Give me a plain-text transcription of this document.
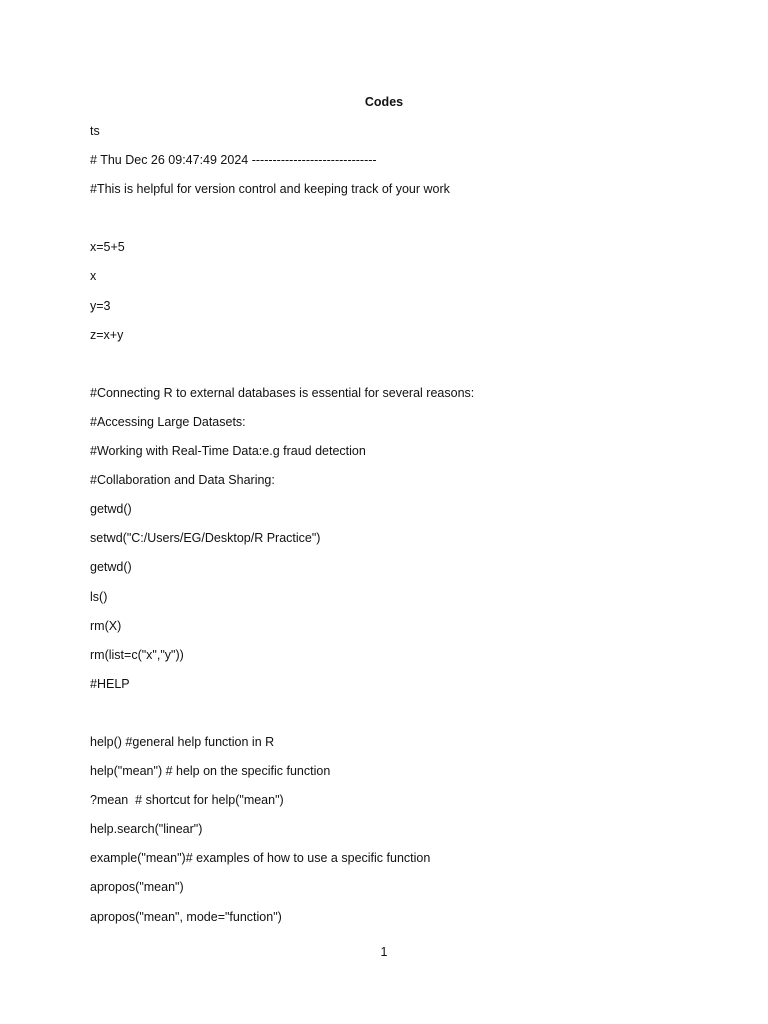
Codes
ts
# Thu Dec 26 09:47:49 2024 ------------------------------
#This is helpful for version control and keeping track of your work
x=5+5
x
y=3
z=x+y
#Connecting R to external databases is essential for several reasons:
#Accessing Large Datasets:
#Working with Real-Time Data:e.g fraud detection
#Collaboration and Data Sharing:
getwd()
setwd("C:/Users/EG/Desktop/R Practice")
getwd()
ls()
rm(X)
rm(list=c("x","y"))
#HELP
help() #general help function in R
help("mean") # help on the specific function
?mean  # shortcut for help("mean")
help.search("linear")
example("mean")# examples of how to use a specific function
apropos("mean")
apropos("mean", mode="function")
1
